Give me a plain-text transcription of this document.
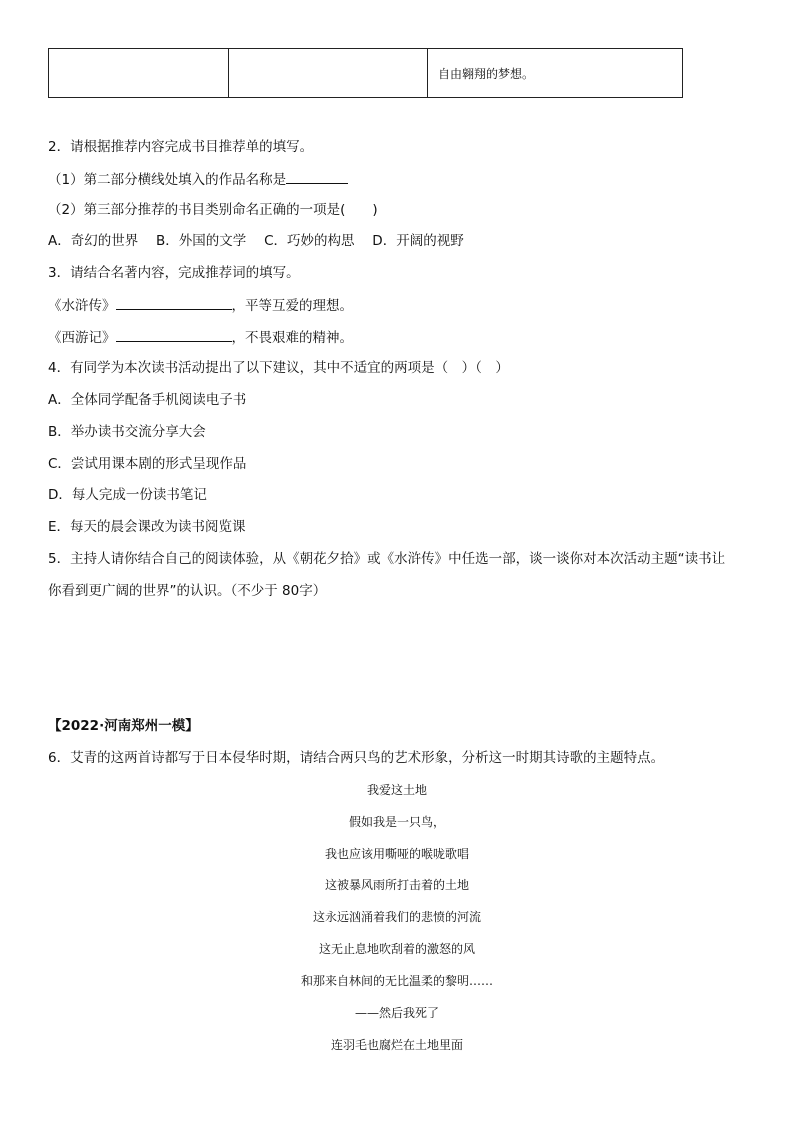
		自由翱翔的梦想。
2．请根据推荐内容完成书目推荐单的填写。
（1）第二部分横线处填入的作品名称是
（2）第三部分推荐的书目类别命名正确的一项是(　　)
A．奇幻的世界　 B．外国的文学　 C．巧妙的构思　 D．开阔的视野
3．请结合名著内容，完成推荐词的填写。
《水浒传》	，平等互爱的理想。
《西游记》	，不畏艰难的精神。
4．有同学为本次读书活动提出了以下建议，其中不适宜的两项是（　）（　）
A．全体同学配备手机阅读电子书
B．举办读书交流分享大会
C．尝试用课本剧的形式呈现作品
D．每人完成一份读书笔记
E．每天的晨会课改为读书阅览课
5．主持人请你结合自己的阅读体验，从《朝花夕拾》或《水浒传》中任选一部，谈一谈你对本次活动主题“读书让
你看到更广阔的世界”的认识。（不少于 80字）
【2022·河南郑州一模】
6．艾青的这两首诗都写于日本侵华时期，请结合两只鸟的艺术形象，分析这一时期其诗歌的主题特点。
我爱这土地
假如我是一只鸟，
我也应该用嘶哑的喉咙歌唱
这被暴风雨所打击着的土地
这永远汹涌着我们的悲愤的河流
这无止息地吹刮着的激怒的风
和那来自林间的无比温柔的黎明……
——然后我死了
连羽毛也腐烂在土地里面
